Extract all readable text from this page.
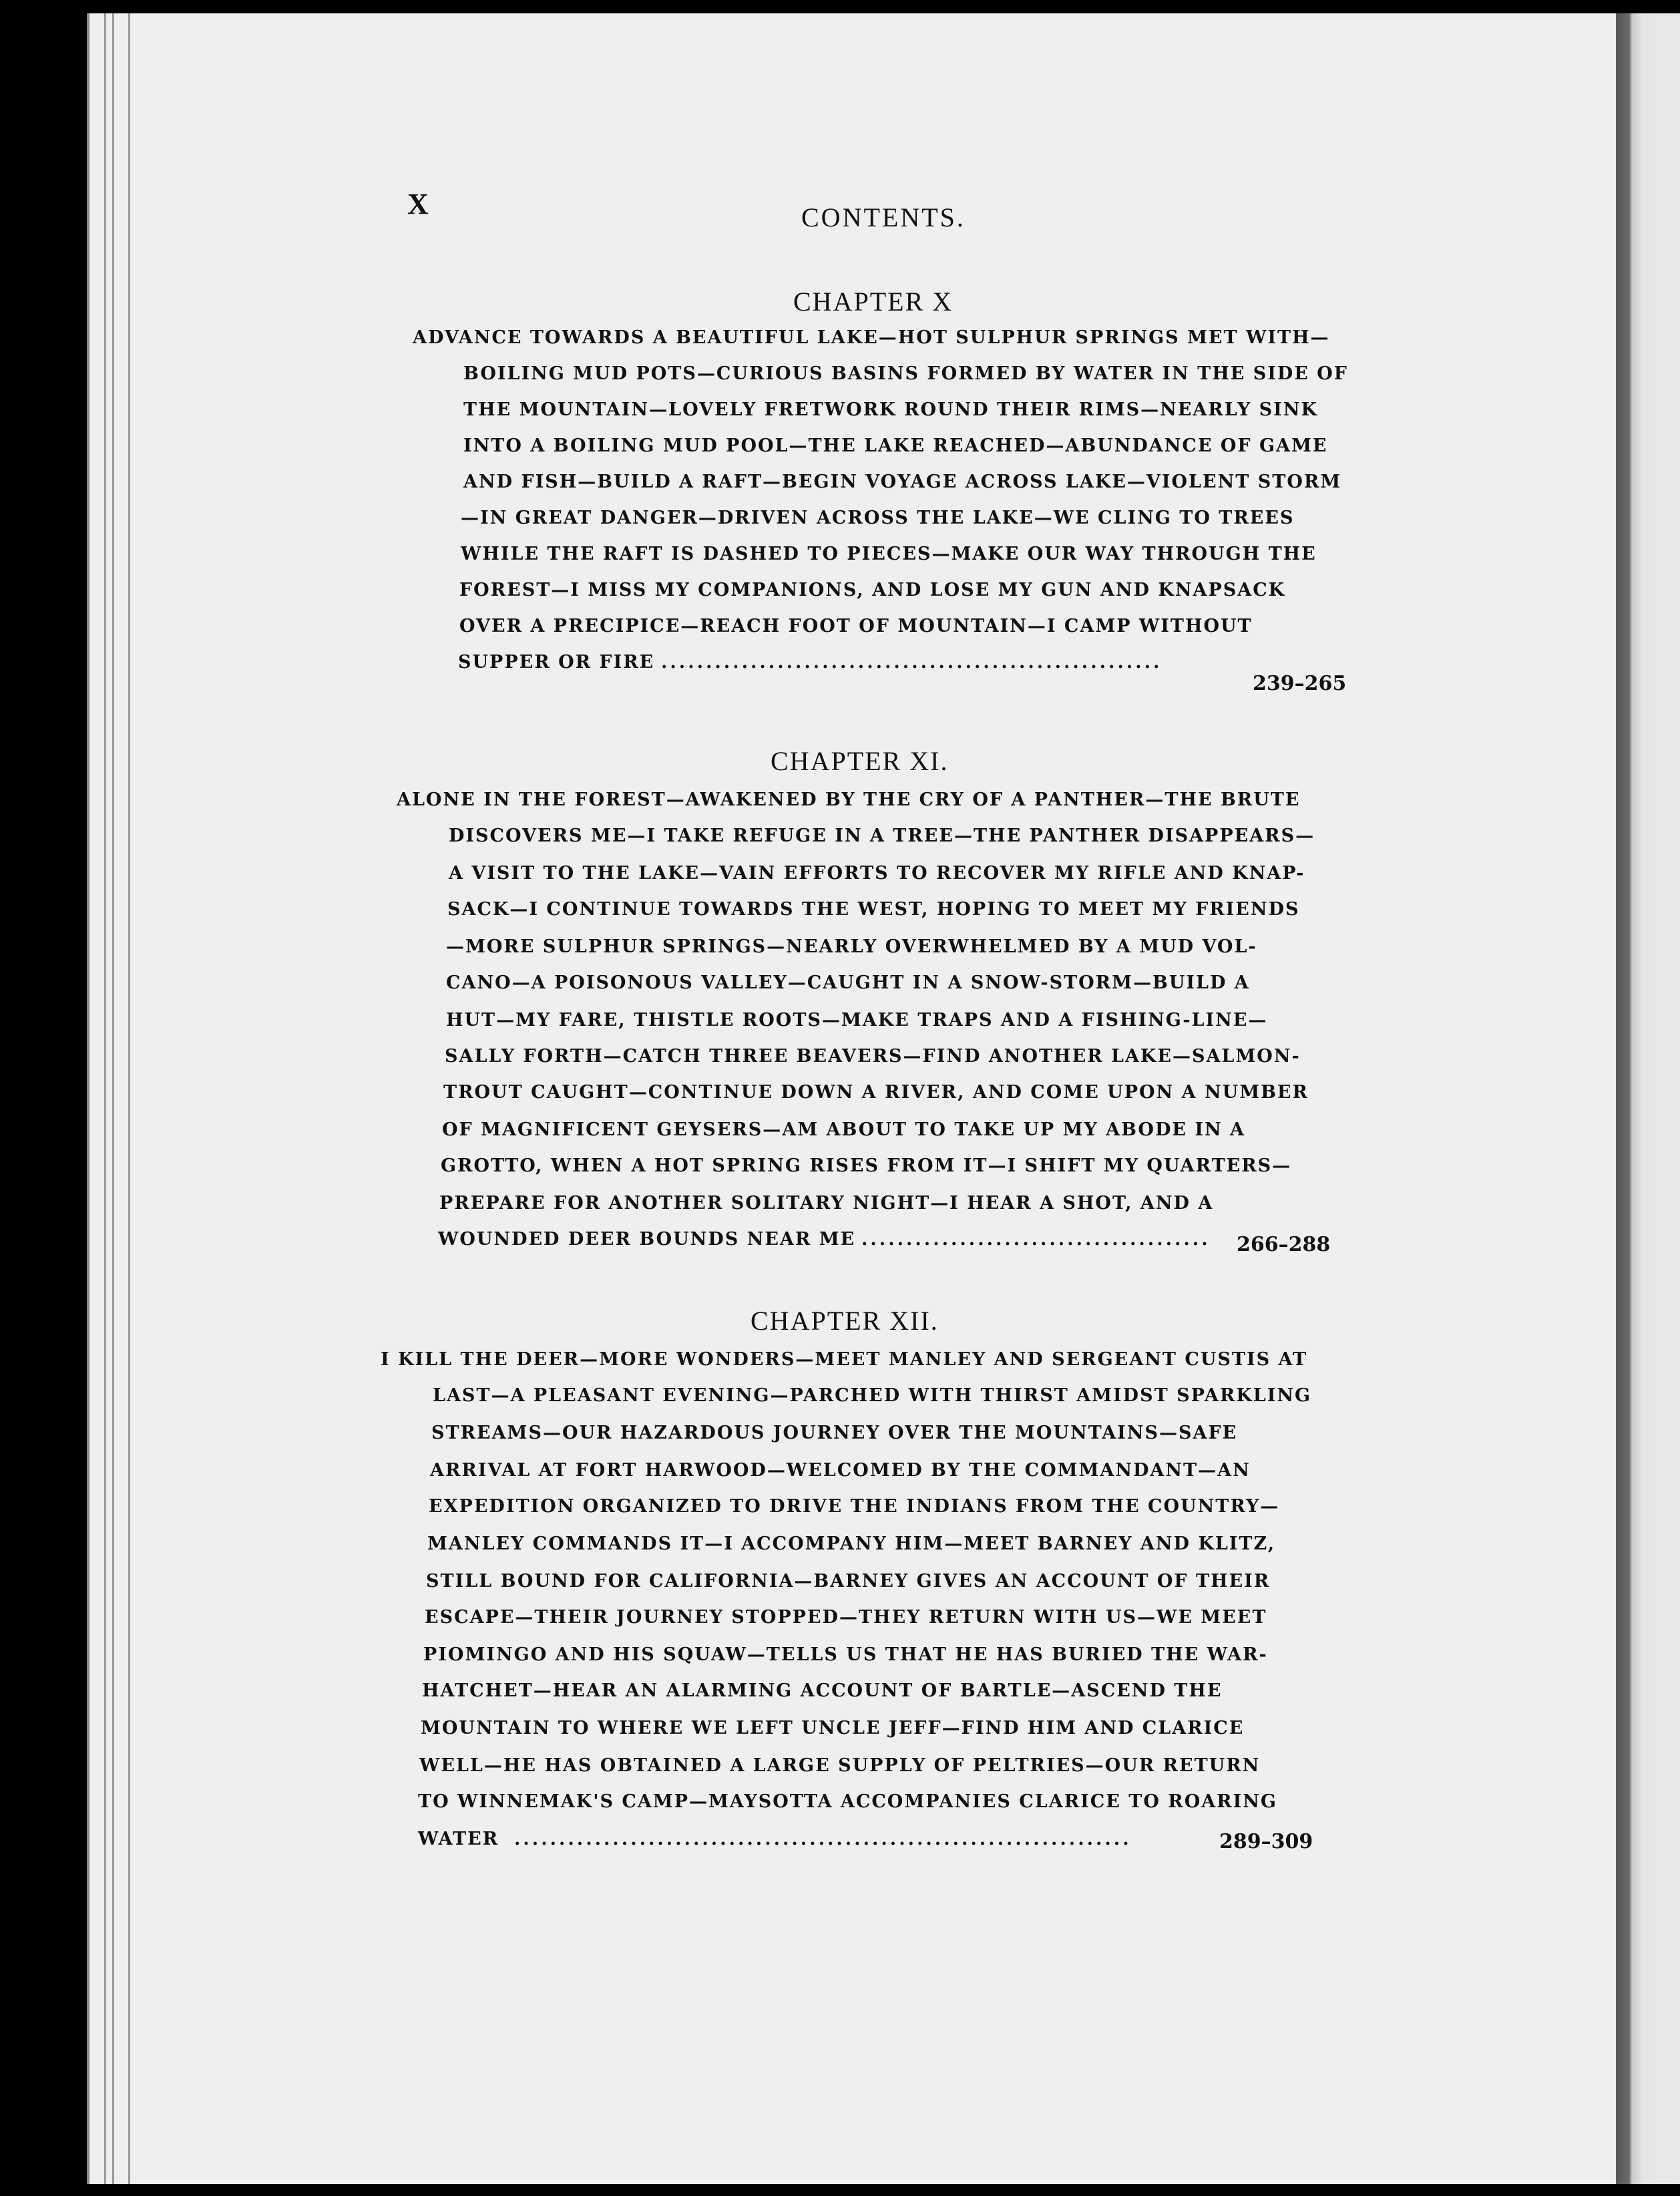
X	CONTENTS.
CHAPTER X
ADVANCE TOWARDS A BEAUTIFUL LAKE—HOT SULPHUR SPRINGS MET WITH—
BOILING MUD POTS—CURIOUS BASINS FORMED BY WATER IN THE SIDE OF
THE MOUNTAIN—LOVELY FRETWORK ROUND THEIR RIMS—NEARLY SINK
INTO A BOILING MUD POOL—THE LAKE REACHED—ABUNDANCE OF GAME
AND FISH—BUILD A RAFT—BEGIN VOYAGE ACROSS LAKE—VIOLENT STORM
—IN GREAT DANGER—DRIVEN ACROSS THE LAKE—WE CLING TO TREES
WHILE THE RAFT IS DASHED TO PIECES—MAKE OUR WAY THROUGH THE
FOREST—I MISS MY COMPANIONS, AND LOSE MY GUN AND KNAPSACK
OVER A PRECIPICE—REACH FOOT OF MOUNTAIN—I CAMP WITHOUT
SUPPER OR FIRE ........................................................
239–265
CHAPTER XI.
ALONE IN THE FOREST—AWAKENED BY THE CRY OF A PANTHER—THE BRUTE
DISCOVERS ME—I TAKE REFUGE IN A TREE—THE PANTHER DISAPPEARS—
A VISIT TO THE LAKE—VAIN EFFORTS TO RECOVER MY RIFLE AND KNAP-
SACK—I CONTINUE TOWARDS THE WEST, HOPING TO MEET MY FRIENDS
—MORE SULPHUR SPRINGS—NEARLY OVERWHELMED BY A MUD VOL-
CANO—A POISONOUS VALLEY—CAUGHT IN A SNOW-STORM—BUILD A
HUT—MY FARE, THISTLE ROOTS—MAKE TRAPS AND A FISHING-LINE—
SALLY FORTH—CATCH THREE BEAVERS—FIND ANOTHER LAKE—SALMON-
TROUT CAUGHT—CONTINUE DOWN A RIVER, AND COME UPON A NUMBER
OF MAGNIFICENT GEYSERS—AM ABOUT TO TAKE UP MY ABODE IN A
GROTTO, WHEN A HOT SPRING RISES FROM IT—I SHIFT MY QUARTERS—
PREPARE FOR ANOTHER SOLITARY NIGHT—I HEAR A SHOT, AND A
WOUNDED DEER BOUNDS NEAR ME ....................................... 266–288
CHAPTER XII.
I KILL THE DEER—MORE WONDERS—MEET MANLEY AND SERGEANT CUSTIS AT
LAST—A PLEASANT EVENING—PARCHED WITH THIRST AMIDST SPARKLING
STREAMS—OUR HAZARDOUS JOURNEY OVER THE MOUNTAINS—SAFE
ARRIVAL AT FORT HARWOOD—WELCOMED BY THE COMMANDANT—AN
EXPEDITION ORGANIZED TO DRIVE THE INDIANS FROM THE COUNTRY—
MANLEY COMMANDS IT—I ACCOMPANY HIM—MEET BARNEY AND KLITZ,
STILL BOUND FOR CALIFORNIA—BARNEY GIVES AN ACCOUNT OF THEIR
ESCAPE—THEIR JOURNEY STOPPED—THEY RETURN WITH US—WE MEET
PIOMINGO AND HIS SQUAW—TELLS US THAT HE HAS BURIED THE WAR-
HATCHET—HEAR AN ALARMING ACCOUNT OF BARTLE—ASCEND THE
MOUNTAIN TO WHERE WE LEFT UNCLE JEFF—FIND HIM AND CLARICE
WELL—HE HAS OBTAINED A LARGE SUPPLY OF PELTRIES—OUR RETURN
TO WINNEMAK'S CAMP—MAYSOTTA ACCOMPANIES CLARICE TO ROARING
WATER .....................................................................	289–309
